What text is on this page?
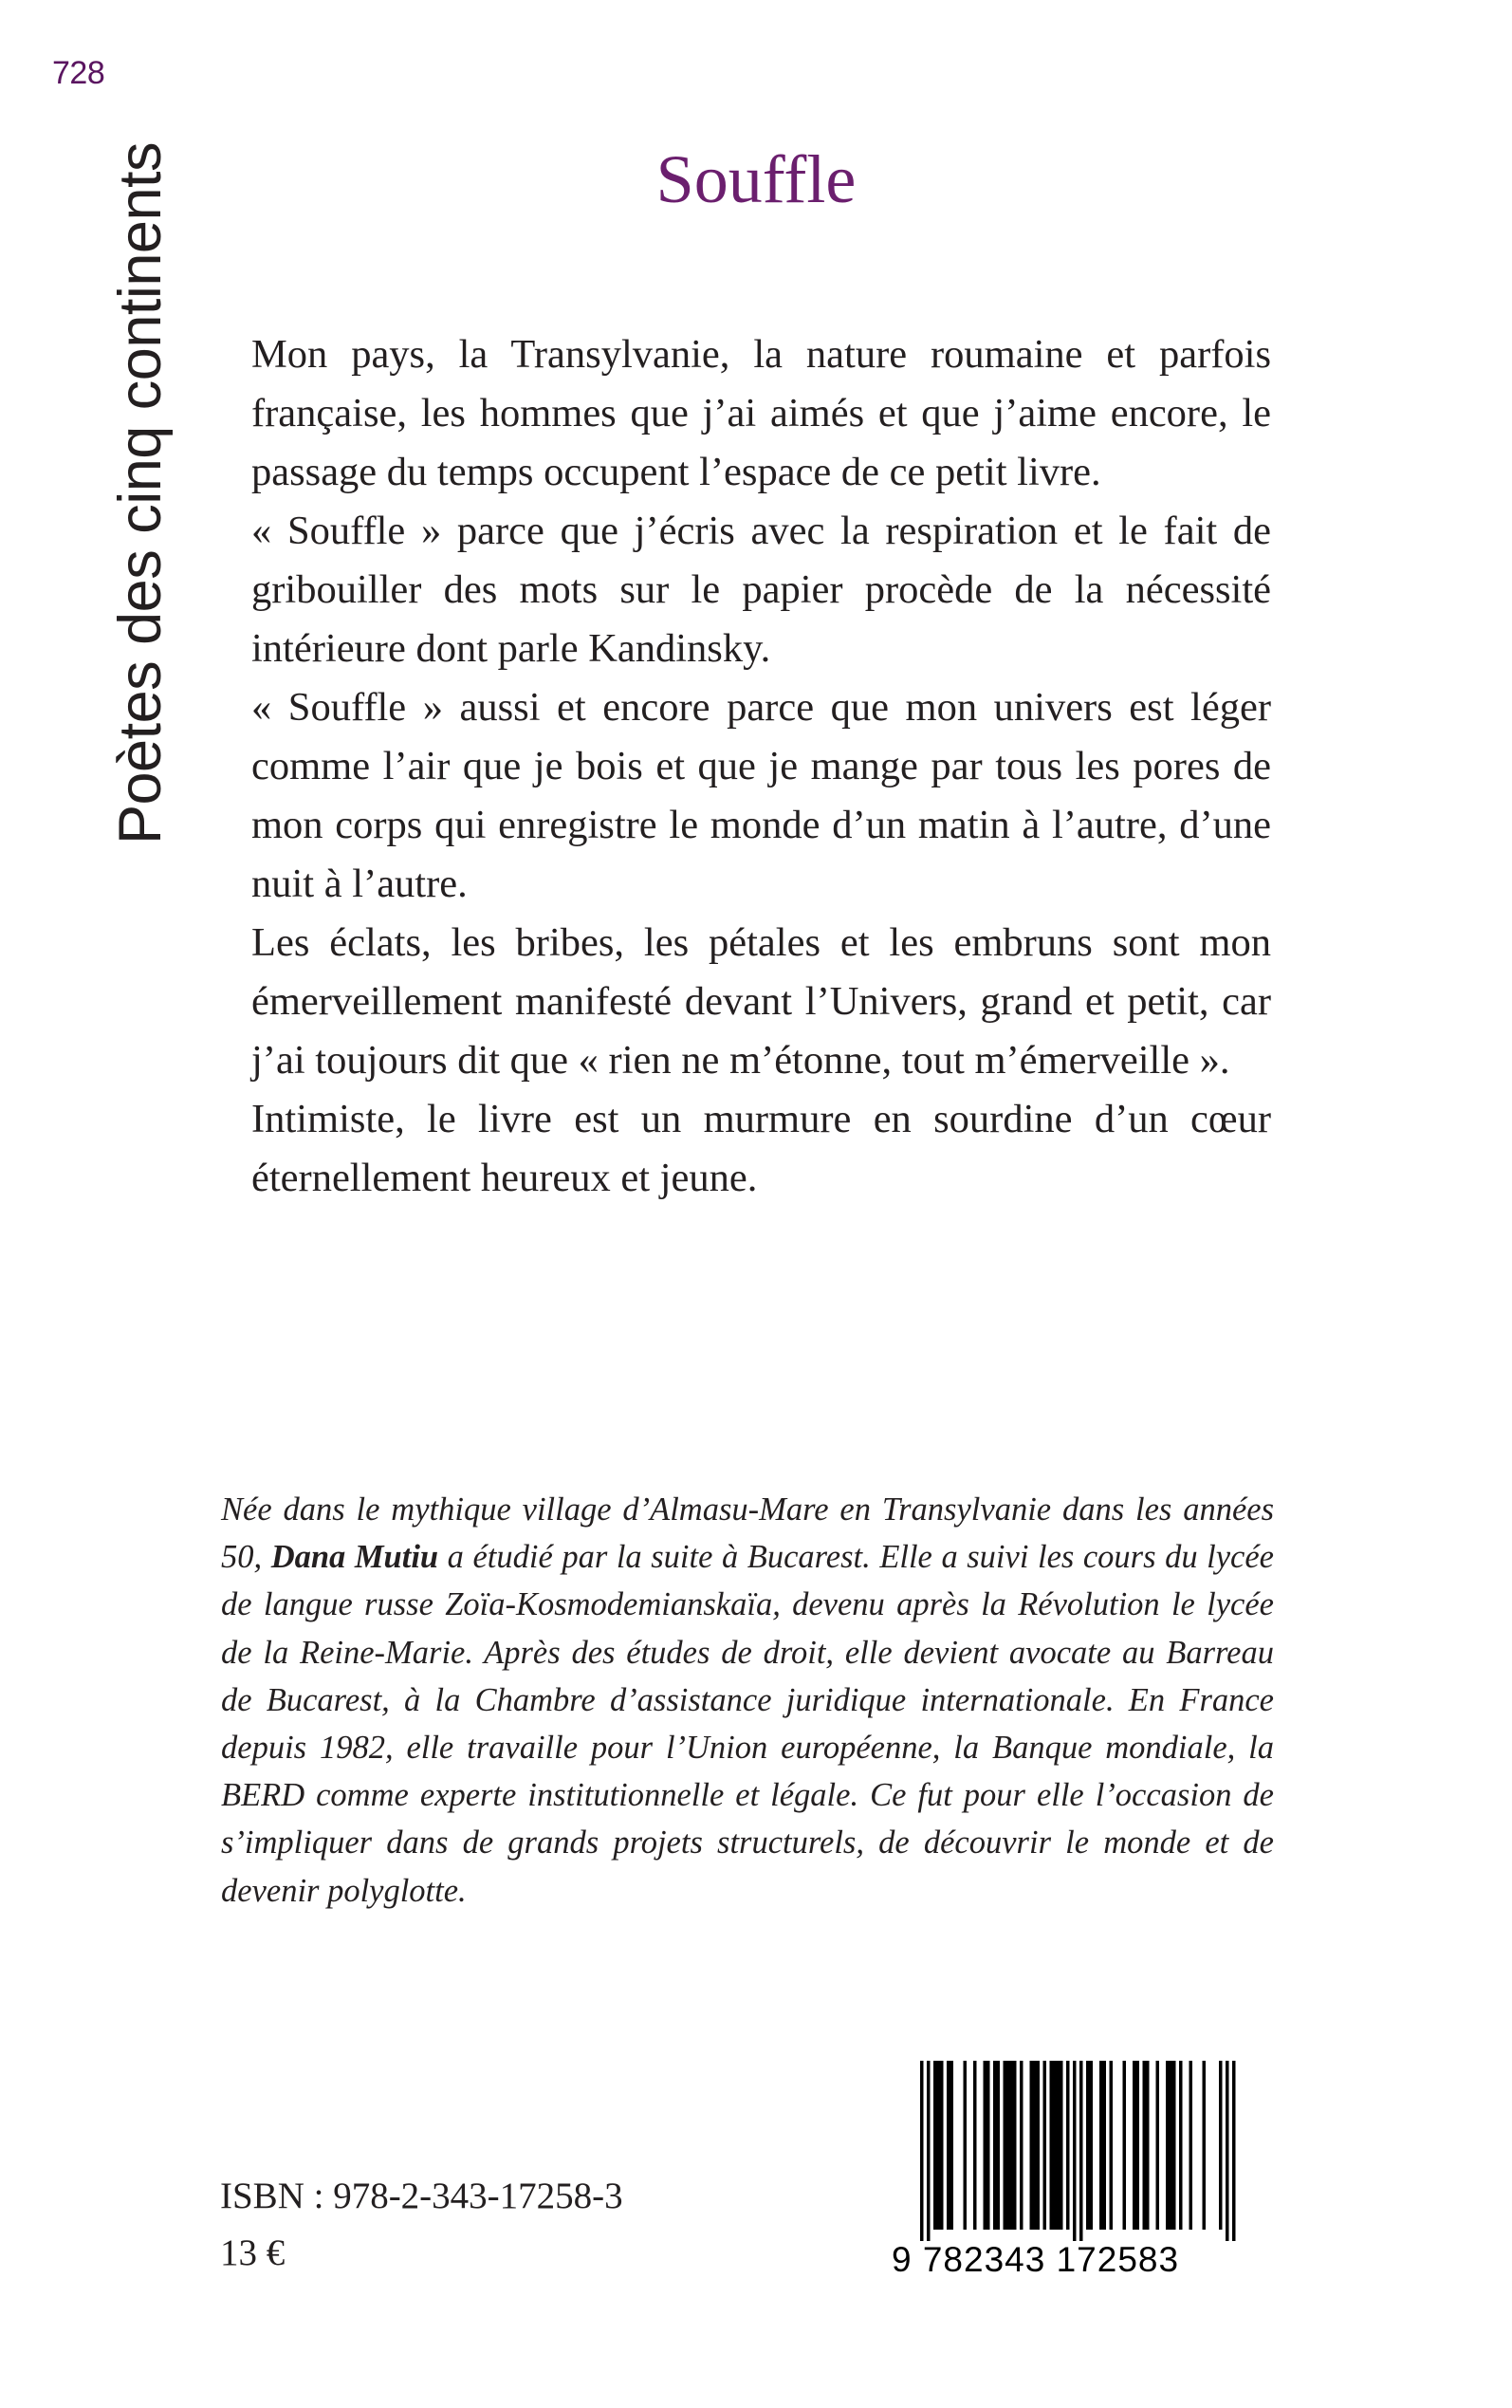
728
Poètes des cinq continents	Souffle

Mon pays, la Transylvanie, la nature roumaine et parfois française, les hommes que j’ai aimés et que j’aime encore, le passage du temps occupent l’espace de ce petit livre.

« Souffle » parce que j’écris avec la respiration et le fait de gribouiller des mots sur le papier procède de la nécessité intérieure dont parle Kandinsky.

« Souffle » aussi et encore parce que mon univers est léger comme l’air que je bois et que je mange par tous les pores de mon corps qui enregistre le monde d’un matin à l’autre, d’une nuit à l’autre.

Les éclats, les bribes, les pétales et les embruns sont mon émerveillement manifesté devant l’Univers, grand et petit, car j’ai toujours dit que « rien ne m’étonne, tout m’émerveille ».

Intimiste, le livre est un murmure en sourdine d’un cœur éternellement heureux et jeune.

Née dans le mythique village d’Almasu-Mare en Transylvanie dans les années 50, Dana Mutiu a étudié par la suite à Bucarest. Elle a suivi les cours du lycée de langue russe Zoïa-Kosmodemianskaïa, devenu après la Révolution le lycée de la Reine-Marie. Après des études de droit, elle devient avocate au Barreau de Bucarest, à la Chambre d’assistance juridique internationale. En France depuis 1982, elle travaille pour l’Union européenne, la Banque mondiale, la BERD comme experte institutionnelle et légale. Ce fut pour elle l’occasion de s’impliquer dans de grands projets structurels, de découvrir le monde et de devenir polyglotte.
ISBN : 978-2-343-17258-3
13 €	9 782343 172583
